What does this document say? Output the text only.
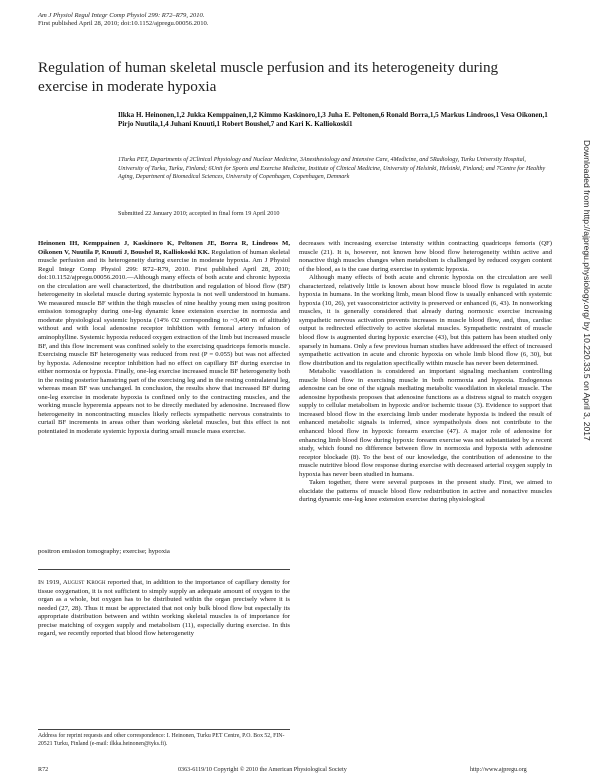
Am J Physiol Regul Integr Comp Physiol 299: R72–R79, 2010.
First published April 28, 2010; doi:10.1152/ajpregu.00056.2010.
Regulation of human skeletal muscle perfusion and its heterogeneity during exercise in moderate hypoxia
Ilkka H. Heinonen,1,2 Jukka Kemppainen,1,2 Kimmo Kaskinoro,1,3 Juha E. Peltonen,6 Ronald Borra,1,5 Markus Lindroos,1 Vesa Oikonen,1 Pirjo Nuutila,1,4 Juhani Knuuti,1 Robert Boushel,7 and Kari K. Kalliokoski1
1Turku PET, Departments of 2Clinical Physiology and Nuclear Medicine, 3Anesthesiology and Intensive Care, 4Medicine, and 5Radiology, Turku University Hospital, University of Turku, Turku, Finland; 6Unit for Sports and Exercise Medicine, Institute of Clinical Medicine, University of Helsinki, Helsinki, Finland; and 7Centre for Healthy Aging, Department of Biomedical Sciences, University of Copenhagen, Copenhagen, Denmark
Submitted 22 January 2010; accepted in final form 19 April 2010

Heinonen IH, Kemppainen J, Kaskinoro K, Peltonen JE, Borra R, Lindroos M, Oikonen V, Nuutila P, Knuuti J, Boushel R, Kalliokoski KK. Regulation of human skeletal muscle perfusion and its heterogeneity during exercise in moderate hypoxia. Am J Physiol Regul Integr Comp Physiol 299: R72–R79, 2010. First published April 28, 2010; doi:10.1152/ajpregu.00056.2010.—Although many effects of both acute and chronic hypoxia on the circulation are well characterized, the distribution and regulation of blood flow (BF) heterogeneity in skeletal muscle during systemic hypoxia is not well understood in humans. We measured muscle BF within the thigh muscles of nine healthy young men using positron emission tomography during one-leg dynamic knee extension exercise in normoxia and moderate physiological systemic hypoxia (14% O2 corresponding to ~3,400 m of altitude) without and with local adenosine receptor inhibition with femoral artery infusion of aminophylline. Systemic hypoxia reduced oxygen extraction of the limb but increased muscle BF, and this flow increment was confined solely to the exercising quadriceps femoris muscle. Exercising muscle BF heterogeneity was reduced from rest (P = 0.055) but was not affected by hypoxia. Adenosine receptor inhibition had no effect on capillary BF during exercise in either normoxia or hypoxia. Finally, one-leg exercise increased muscle BF heterogeneity both in the resting posterior hamstring part of the exercising leg and in the resting contralateral leg, whereas mean BF was unchanged. In conclusion, the results show that increased BF during one-leg exercise in moderate hypoxia is confined only to the contracting muscles, and the working muscle hyperemia appears not to be directly mediated by adenosine. Increased flow heterogeneity in noncontracting muscles likely reflects sympathetic nervous constraints to curtail BF increments in areas other than working skeletal muscles, but this effect is not potentiated in moderate systemic hypoxia during small muscle mass exercise.

positron emission tomography; exercise; hypoxia

In 1919, August Krogh reported that, in addition to the importance of capillary density for tissue oxygenation, it is not sufficient to simply supply an adequate amount of oxygen to the organ as a whole, but oxygen has to be distributed within the organ precisely where it is needed (27, 28). Thus it must be appreciated that not only bulk blood flow but especially its appropriate distribution between and within working skeletal muscles is of importance for precise matching of oxygen supply and metabolism (11), especially during exercise. In this regard, we recently reported that blood flow heterogeneity

Address for reprint requests and other correspondence: I. Heinonen, Turku PET Centre, P.O. Box 52, FIN-20521 Turku, Finland (e-mail: ilkka.heinonen@tyks.fi).

decreases with increasing exercise intensity within contracting quadriceps femoris (QF) muscle (21). It is, however, not known how blood flow heterogeneity within active and nonactive thigh muscles changes when metabolism is challenged by reduced oxygen content of the blood, as is the case during exercise in systemic hypoxia.

Although many effects of both acute and chronic hypoxia on the circulation are well characterized, relatively little is known about how muscle blood flow is regulated in acute hypoxia in humans. In the working limb, mean blood flow is usually enhanced with systemic hypoxia (10, 26), yet vasoconstrictor activity is preserved or enhanced (6, 43). In nonworking muscles, it is generally considered that already during normoxic exercise increasing sympathetic nervous activation prevents increases in muscle blood flow, and, thus, cardiac output is redirected effectively to active skeletal muscles. Sympathetic restraint of muscle blood flow is augmented during hypoxic exercise (43), but this pattern has been studied only sparsely in humans. Only a few previous human studies have addressed the effect of increased sympathetic activation in acute and chronic hypoxia on whole limb blood flow (6, 30), but flow distribution and its regulation specifically within muscle has never been determined.

Metabolic vasodilation is considered an important signaling mechanism controlling muscle blood flow in exercising muscle in both normoxia and hypoxia. Endogenous adenosine can be one of the signals mediating metabolic vasodilation in skeletal muscle. The adenosine hypothesis proposes that adenosine functions as a distress signal to match oxygen supply to cellular metabolism in hypoxic and/or ischemic tissue (3). Evidence to support that increased blood flow in the exercising limb under moderate hypoxia is indeed the result of enhanced metabolic signals is inferred, since sympatholysis does not contribute to the enhanced blood flow in hypoxic forearm exercise (47). A major role of adenosine for enhancing limb blood flow during hypoxic forearm exercise was not substantiated by a recent study, which found no difference between flow in normoxia and hypoxia with adenosine receptor blockade (8). To the best of our knowledge, the contribution of adenosine to the muscle nutritive blood flow response during exercise with decreased arterial oxygen supply in hypoxia has never been studied in humans.

Taken together, there were several purposes in the present study. First, we aimed to elucidate the patterns of muscle blood flow redistribution in active and nonactive muscles during dynamic one-leg knee extension exercise during physiological

R72	0363-6119/10 Copyright © 2010 the American Physiological Society	http://www.ajpregu.org
Downloaded from http://ajpregu.physiology.org/ by 10.220.33.5 on April 3, 2017
